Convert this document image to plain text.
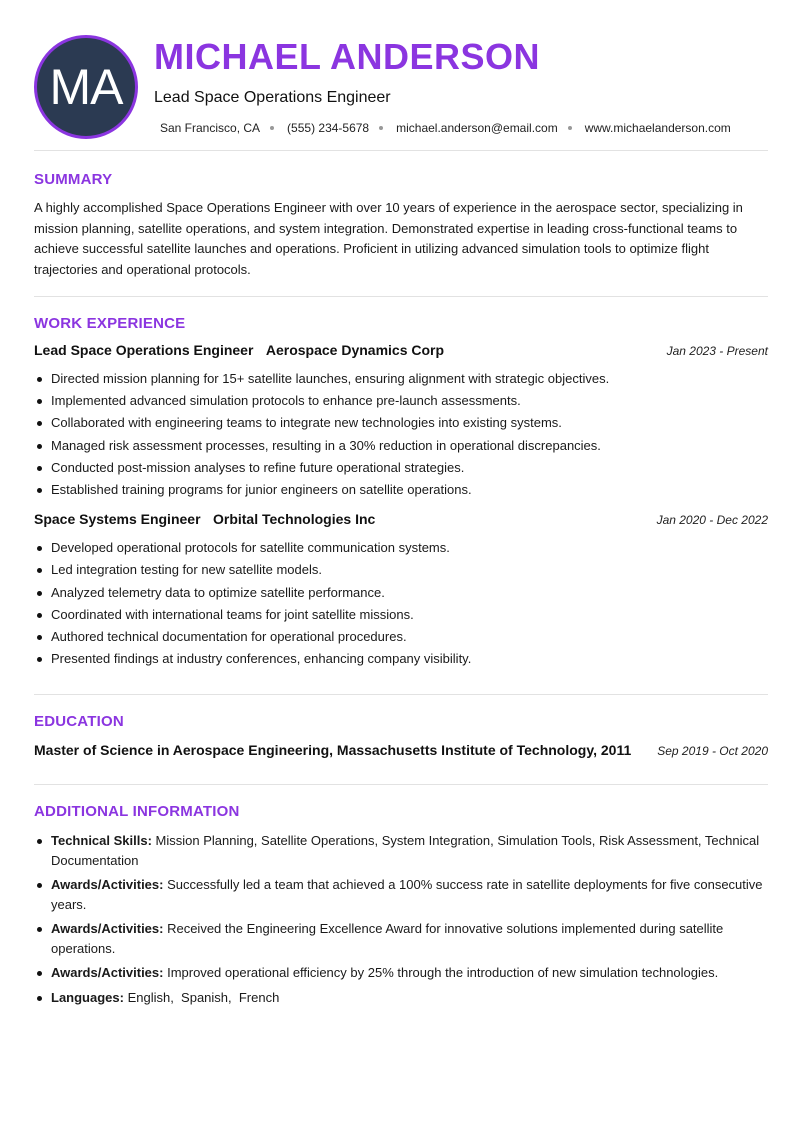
MA
MICHAEL ANDERSON
Lead Space Operations Engineer
San Francisco, CA (555) 234-5678 michael.anderson@email.com www.michaelanderson.com
SUMMARY

A highly accomplished Space Operations Engineer with over 10 years of experience in the aerospace sector, specializing in mission planning, satellite operations, and system integration. Demonstrated expertise in leading cross-functional teams to achieve successful satellite launches and operations. Proficient in utilizing advanced simulation tools to optimize flight trajectories and operational protocols.

WORK EXPERIENCE
Lead Space Operations Engineer Aerospace Dynamics Corp	Jan 2023 - Present
Directed mission planning for 15+ satellite launches, ensuring alignment with strategic objectives.
Implemented advanced simulation protocols to enhance pre-launch assessments.
Collaborated with engineering teams to integrate new technologies into existing systems.
Managed risk assessment processes, resulting in a 30% reduction in operational discrepancies.
Conducted post-mission analyses to refine future operational strategies.
Established training programs for junior engineers on satellite operations.
Space Systems Engineer Orbital Technologies Inc	Jan 2020 - Dec 2022
Developed operational protocols for satellite communication systems.
Led integration testing for new satellite models.
Analyzed telemetry data to optimize satellite performance.
Coordinated with international teams for joint satellite missions.
Authored technical documentation for operational procedures.
Presented findings at industry conferences, enhancing company visibility.
EDUCATION
Master of Science in Aerospace Engineering, Massachusetts Institute of Technology, 2011 Sep 2019 - Oct 2020
ADDITIONAL INFORMATION
Technical Skills: Mission Planning, Satellite Operations, System Integration, Simulation Tools, Risk Assessment, Technical Documentation
Awards/Activities: Successfully led a team that achieved a 100% success rate in satellite deployments for five consecutive years.
Awards/Activities: Received the Engineering Excellence Award for innovative solutions implemented during satellite operations.
Awards/Activities: Improved operational efficiency by 25% through the introduction of new simulation technologies.
Languages: English,  Spanish,  French
